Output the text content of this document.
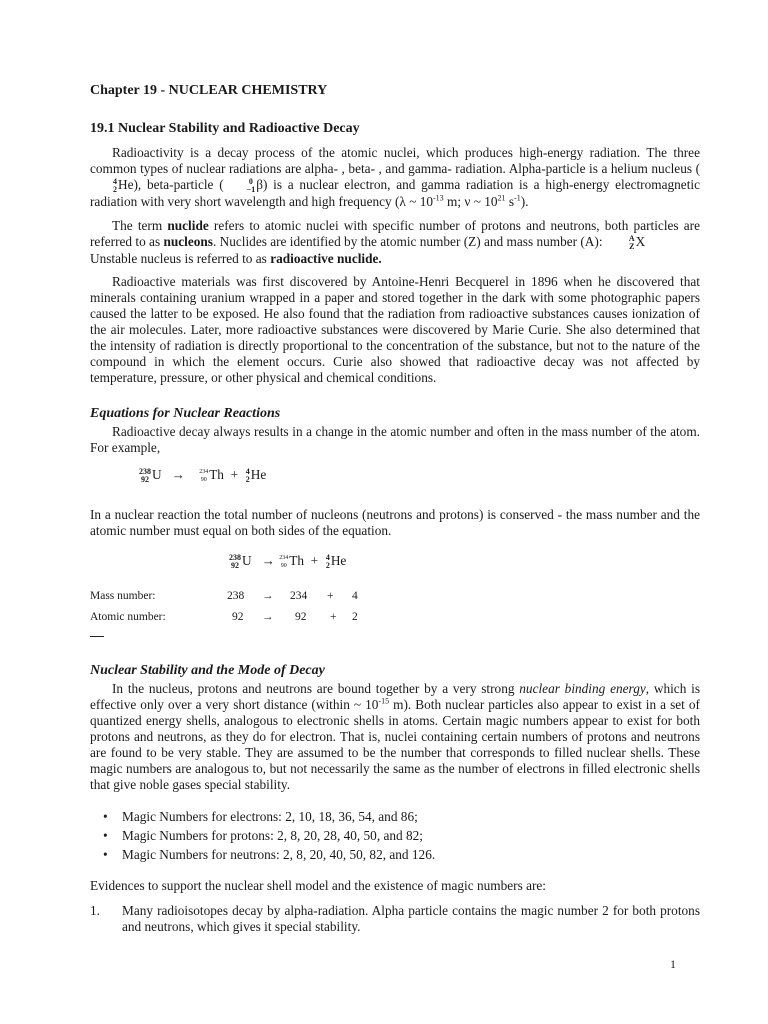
Chapter 19 - NUCLEAR CHEMISTRY
19.1 Nuclear Stability and Radioactive Decay

Radioactivity is a decay process of the atomic nuclei, which produces high-energy radiation. The three common types of nuclear radiations are alpha- , beta- , and gamma- radiation. Alpha-particle is a helium nucleus (
4
2 He), beta-particle (	0
−1 β) is a nuclear electron, and gamma radiation is a high-energy electromagnetic radiation with very short wavelength and high frequency (λ ~ $10^{-13}$ m; ν ~ $10^{21}$ $s^{-1}$).

The term nuclide refers to atomic nuclei with specific number of protons and neutrons, both particles are referred to as nucleons. Nuclides are identified by the atomic number (Z) and mass number (A):	A
Z X

Unstable nucleus is referred to as radioactive nuclide.

Radioactive materials was first discovered by Antoine-Henri Becquerel in 1896 when he discovered that minerals containing uranium wrapped in a paper and stored together in the dark with some photographic papers caused the latter to be exposed. He also found that the radiation from radioactive substances causes ionization of the air molecules. Later, more radioactive substances were discovered by Marie Curie. She also determined that the intensity of radiation is directly proportional to the concentration of the substance, but not to the nature of the compound in which the element occurs. Curie also showed that radioactive decay was not affected by temperature, pressure, or other physical and chemical conditions.

Equations for Nuclear Reactions

Radioactive decay always results in a change in the atomic number and often in the mass number of the atom. For example,

238
92 U → 234
90 Th + 4
2 He

In a nuclear reaction the total number of nucleons (neutrons and protons) is conserved - the mass number and the atomic number must equal on both sides of the equation.

238
92 U → 234
90 Th + 4
2 He
Mass number:	238 → 234 + 4
Atomic number:	92 → 92 + 2
Nuclear Stability and the Mode of Decay

In the nucleus, protons and neutrons are bound together by a very strong nuclear binding energy, which is effective only over a very short distance (within ~ $10^{-15}$ m). Both nuclear particles also appear to exist in a set of quantized energy shells, analogous to electronic shells in atoms. Certain magic numbers appear to exist for both protons and neutrons, as they do for electron. That is, nuclei containing certain numbers of protons and neutrons are found to be very stable. They are assumed to be the number that corresponds to filled nuclear shells. These magic numbers are analogous to, but not necessarily the same as the number of electrons in filled electronic shells that give noble gases special stability.

• Magic Numbers for electrons: 2, 10, 18, 36, 54, and 86;
• Magic Numbers for protons: 2, 8, 20, 28, 40, 50, and 82;
• Magic Numbers for neutrons: 2, 8, 20, 40, 50, 82, and 126.
Evidences to support the nuclear shell model and the existence of magic numbers are:
1. Many radioisotopes decay by alpha-radiation. Alpha particle contains the magic number 2 for both protons and neutrons, which gives it special stability.
1
